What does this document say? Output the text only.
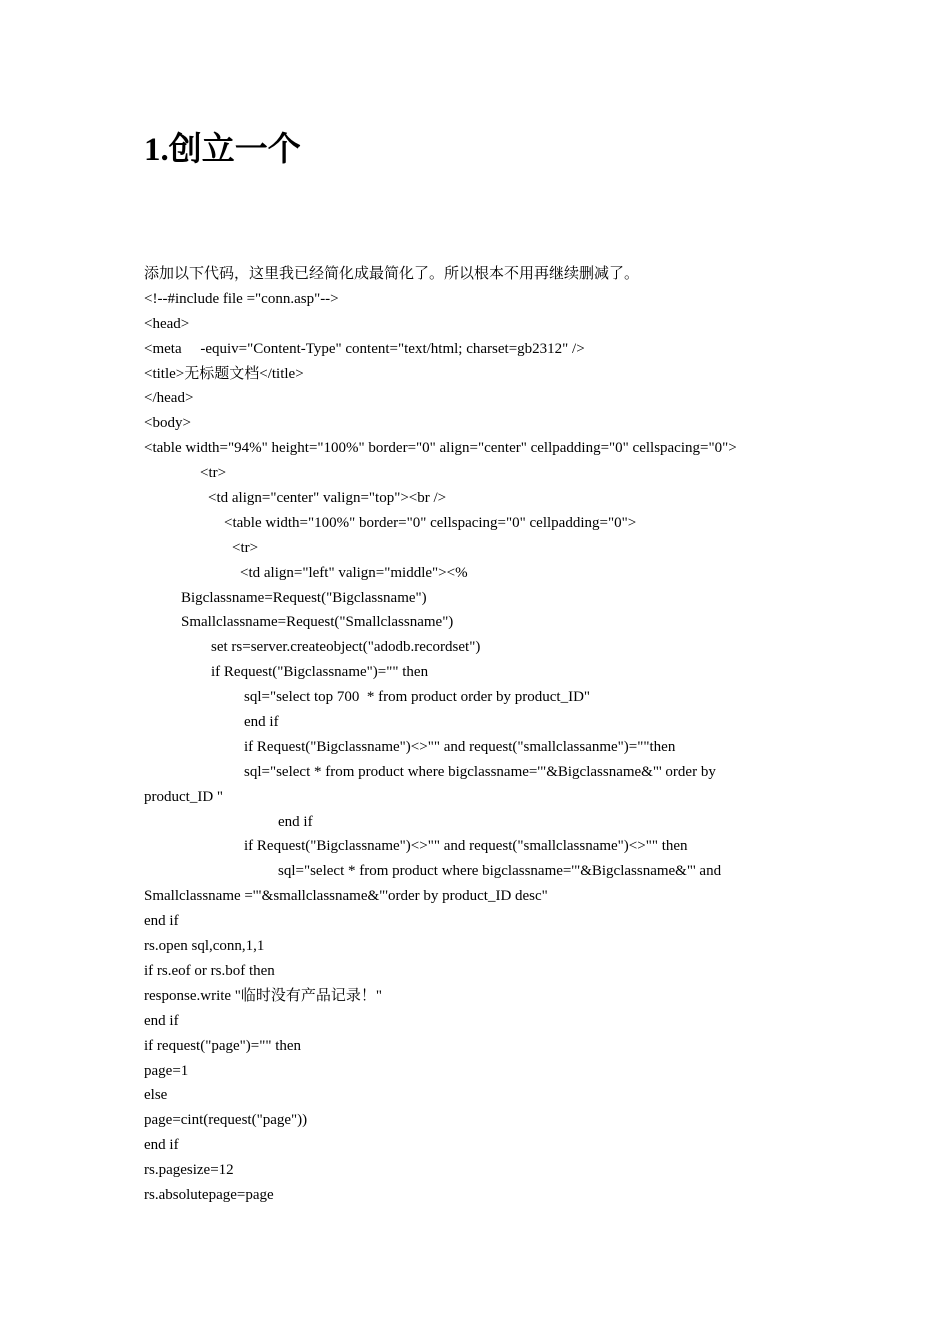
1.创立一个
添加以下代码，这里我已经简化成最简化了。所以根本不用再继续删减了。
<!--#include file ="conn.asp"-->
<head>
<meta     -equiv="Content-Type" content="text/html; charset=gb2312" />
<title>无标题文档</title>
</head>
<body>
<table width="94%" height="100%" border="0" align="center" cellpadding="0" cellspacing="0">
<tr>
<td align="center" valign="top"><br />
<table width="100%" border="0" cellspacing="0" cellpadding="0">
<tr>
<td align="left" valign="middle"><%
Bigclassname=Request("Bigclassname")
Smallclassname=Request("Smallclassname")
set rs=server.createobject("adodb.recordset")
if Request("Bigclassname")="" then
sql="select top 700  * from product order by product_ID"
end if
if Request("Bigclassname")<>"" and request("smallclassanme")=""then
sql="select * from product where bigclassname='"&Bigclassname&"' order by
product_ID "
end if
if Request("Bigclassname")<>"" and request("smallclassname")<>"" then
sql="select * from product where bigclassname='"&Bigclassname&"' and
Smallclassname ='"&smallclassname&"'order by product_ID desc"
end if
rs.open sql,conn,1,1
if rs.eof or rs.bof then
response.write "临时没有产品记录！"
end if
if request("page")="" then
page=1
else
page=cint(request("page"))
end if
rs.pagesize=12
rs.absolutepage=page
